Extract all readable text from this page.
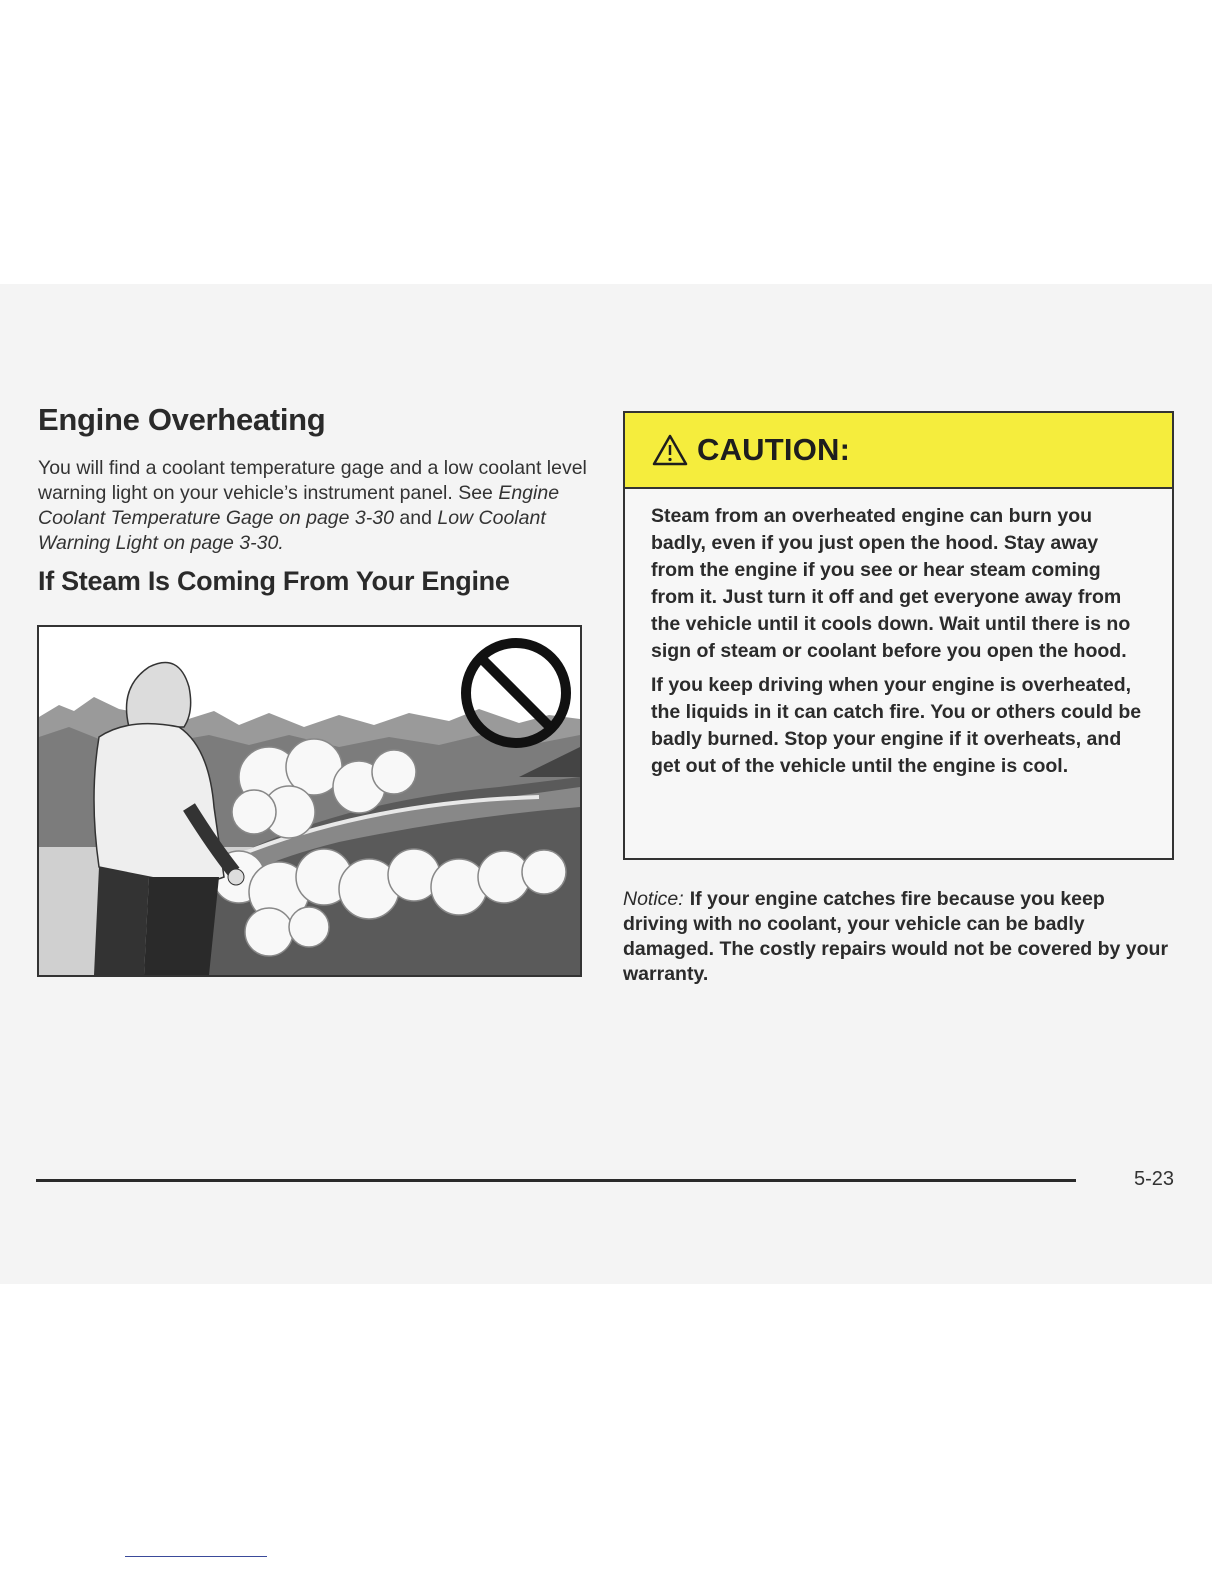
Engine Overheating

You will find a coolant temperature gage and a low coolant level warning light on your vehicle’s instrument panel. See Engine Coolant Temperature Gage on page 3-30 and Low Coolant Warning Light on page 3-30.

If Steam Is Coming From Your Engine
CAUTION:

Steam from an overheated engine can burn you badly, even if you just open the hood. Stay away from the engine if you see or hear steam coming from it. Just turn it off and get everyone away from the vehicle until it cools down. Wait until there is no sign of steam or coolant before you open the hood.

If you keep driving when your engine is overheated, the liquids in it can catch fire. You or others could be badly burned. Stop your engine if it overheats, and get out of the vehicle until the engine is cool.

Notice: If your engine catches fire because you keep driving with no coolant, your vehicle can be badly damaged. The costly repairs would not be covered by your warranty.

5-23
